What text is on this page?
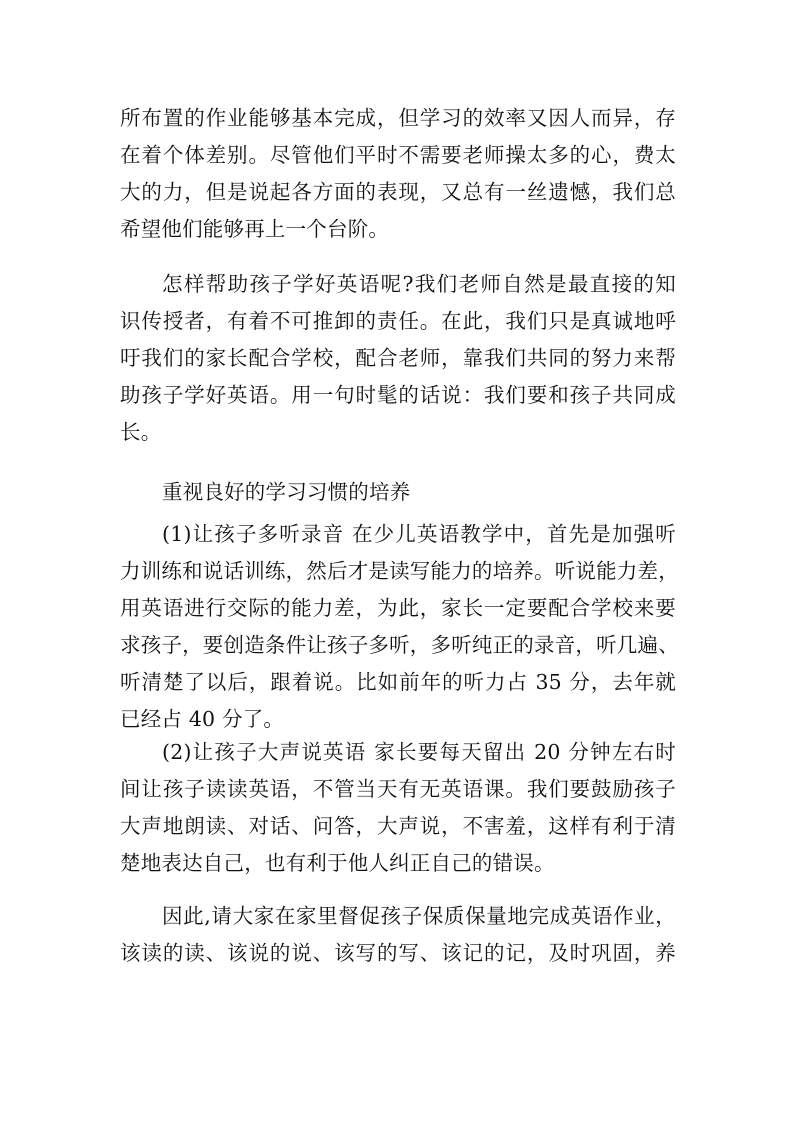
所布置的作业能够基本完成，但学习的效率又因人而异，存
在着个体差别。尽管他们平时不需要老师操太多的心，费太
大的力，但是说起各方面的表现，又总有一丝遗憾，我们总
希望他们能够再上一个台阶。
怎样帮助孩子学好英语呢?我们老师自然是最直接的知
识传授者，有着不可推卸的责任。在此，我们只是真诚地呼
吁我们的家长配合学校，配合老师，靠我们共同的努力来帮
助孩子学好英语。用一句时髦的话说：我们要和孩子共同成
长。
重视良好的学习习惯的培养
(1)让孩子多听录音 在少儿英语教学中，首先是加强听
力训练和说话训练，然后才是读写能力的培养。听说能力差，
用英语进行交际的能力差，为此，家长一定要配合学校来要
求孩子，要创造条件让孩子多听，多听纯正的录音，听几遍、
听清楚了以后，跟着说。比如前年的听力占 35 分，去年就
已经占 40 分了。
(2)让孩子大声说英语 家长要每天留出 20 分钟左右时
间让孩子读读英语，不管当天有无英语课。我们要鼓励孩子
大声地朗读、对话、问答，大声说，不害羞，这样有利于清
楚地表达自己，也有利于他人纠正自己的错误。
因此,请大家在家里督促孩子保质保量地完成英语作业，
该读的读、该说的说、该写的写、该记的记，及时巩固，养
